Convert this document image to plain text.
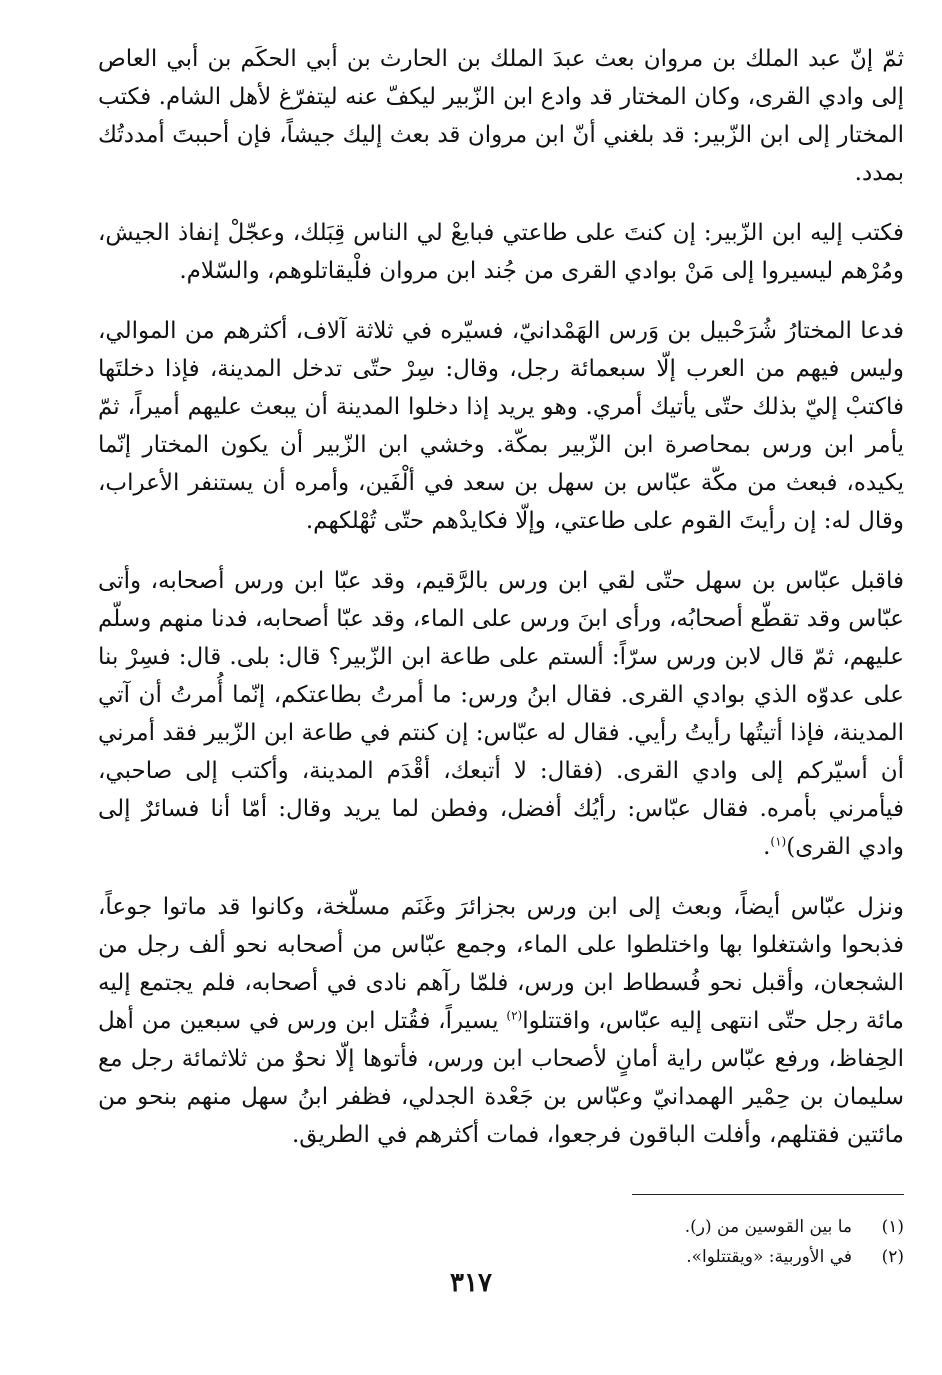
ثمّ إنّ عبد الملك بن مروان بعث عبدَ الملك بن الحارث بن أبي الحكَم بن أبي العاص إلى وادي القرى، وكان المختار قد وادع ابن الزّبير ليكفّ عنه ليتفرّغ لأهل الشام. فكتب المختار إلى ابن الزّبير: قد بلغني أنّ ابن مروان قد بعث إليك جيشاً، فإن أحببتَ أمددتُك بمدد.

فكتب إليه ابن الزّبير: إن كنتَ على طاعتي فبايعْ لي الناس قِبَلك، وعجّلْ إنفاذ الجيش، ومُرْهم ليسيروا إلى مَنْ بوادي القرى من جُند ابن مروان فلْيقاتلوهم، والسّلام.

فدعا المختارُ شُرَحْبيل بن وَرس الهَمْدانيّ، فسيّره في ثلاثة آلاف، أكثرهم من الموالي، وليس فيهم من العرب إلّا سبعمائة رجل، وقال: سِرْ حتّى تدخل المدينة، فإذا دخلتَها فاكتبْ إليّ بذلك حتّى يأتيك أمري. وهو يريد إذا دخلوا المدينة أن يبعث عليهم أميراً، ثمّ يأمر ابن ورس بمحاصرة ابن الزّبير بمكّة. وخشي ابن الزّبير أن يكون المختار إنّما يكيده، فبعث من مكّة عبّاس بن سهل بن سعد في ألْفَين، وأمره أن يستنفر الأعراب، وقال له: إن رأيتَ القوم على طاعتي، وإلّا فكايدْهم حتّى تُهْلكهم.

فاقبل عبّاس بن سهل حتّى لقي ابن ورس بالرَّقيم، وقد عبّا ابن ورس أصحابه، وأتى عبّاس وقد تقطّع أصحابُه، ورأى ابنَ ورس على الماء، وقد عبّا أصحابه، فدنا منهم وسلّم عليهم، ثمّ قال لابن ورس سرّاً: ألستم على طاعة ابن الزّبير؟ قال: بلى. قال: فسِرْ بنا على عدوّه الذي بوادي القرى. فقال ابنُ ورس: ما أمرتُ بطاعتكم، إنّما أُمرتُ أن آتي المدينة، فإذا أتيتُها رأيتُ رأيي. فقال له عبّاس: إن كنتم في طاعة ابن الزّبير فقد أمرني أن أسيّركم إلى وادي القرى. (فقال: لا أتبعك، أقْدَم المدينة، وأكتب إلى صاحبي، فيأمرني بأمره. فقال عبّاس: رأيُك أفضل، وفطن لما يريد وقال: أمّا أنا فسائرٌ إلى وادي القرى)$^{(١)}$.

ونزل عبّاس أيضاً، وبعث إلى ابن ورس بجزائرَ وغَنَم مسلّخة، وكانوا قد ماتوا جوعاً، فذبحوا واشتغلوا بها واختلطوا على الماء، وجمع عبّاس من أصحابه نحو ألف رجل من الشجعان، وأقبل نحو فُسطاط ابن ورس، فلمّا رآهم نادى في أصحابه، فلم يجتمع إليه مائة رجل حتّى انتهى إليه عبّاس، واقتتلوا$^{(٢)}$ يسيراً، فقُتل ابن ورس في سبعين من أهل الحِفاظ، ورفع عبّاس راية أمانٍ لأصحاب ابن ورس، فأتوها إلّا نحوٌ من ثلاثمائة رجل مع سليمان بن حِمْير الهمدانيّ وعبّاس بن جَعْدة الجدلي، فظفر ابنُ سهل منهم بنحو من مائتين فقتلهم، وأفلت الباقون فرجعوا، فمات أكثرهم في الطريق.

(١)
ما بين القوسين من (ر).
(٢)
في الأوربية: «ويقتتلوا».
٣١٧
